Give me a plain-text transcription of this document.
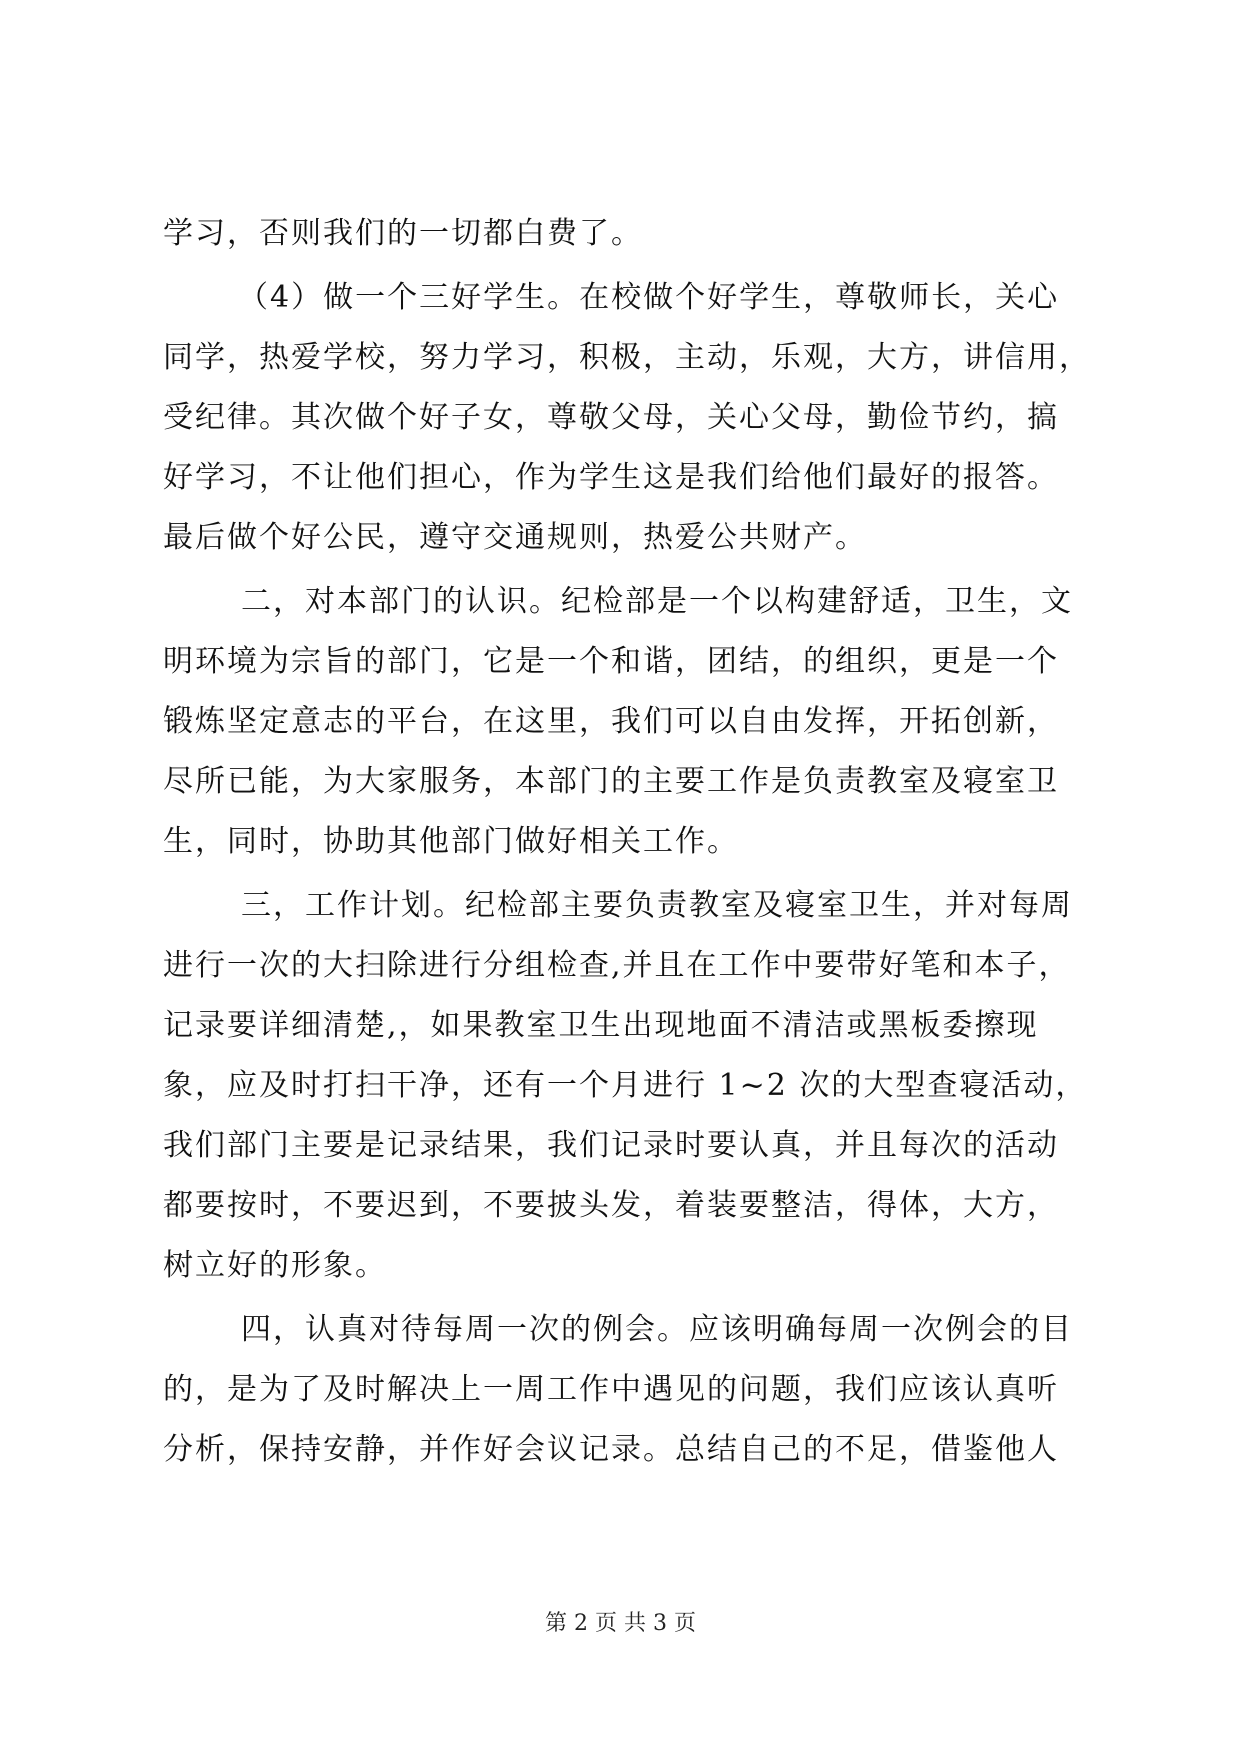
学习，否则我们的一切都白费了。
（4）做一个三好学生。在校做个好学生，尊敬师长，关心
同学，热爱学校，努力学习，积极，主动，乐观，大方，讲信用，
受纪律。其次做个好子女，尊敬父母，关心父母，勤俭节约，搞
好学习，不让他们担心，作为学生这是我们给他们最好的报答。
最后做个好公民，遵守交通规则，热爱公共财产。
二，对本部门的认识。纪检部是一个以构建舒适，卫生，文
明环境为宗旨的部门，它是一个和谐，团结，的组织，更是一个
锻炼坚定意志的平台，在这里，我们可以自由发挥，开拓创新，
尽所已能，为大家服务，本部门的主要工作是负责教室及寝室卫
生，同时，协助其他部门做好相关工作。
三，工作计划。纪检部主要负责教室及寝室卫生，并对每周
进行一次的大扫除进行分组检查,并且在工作中要带好笔和本子，
记录要详细清楚,，如果教室卫生出现地面不清洁或黑板委擦现
象，应及时打扫干净，还有一个月进行 1~2 次的大型查寝活动，
我们部门主要是记录结果，我们记录时要认真，并且每次的活动
都要按时，不要迟到，不要披头发，着装要整洁，得体，大方，
树立好的形象。
四，认真对待每周一次的例会。应该明确每周一次例会的目
的，是为了及时解决上一周工作中遇见的问题，我们应该认真听
分析，保持安静，并作好会议记录。总结自己的不足，借鉴他人
第 2 页 共 3 页
